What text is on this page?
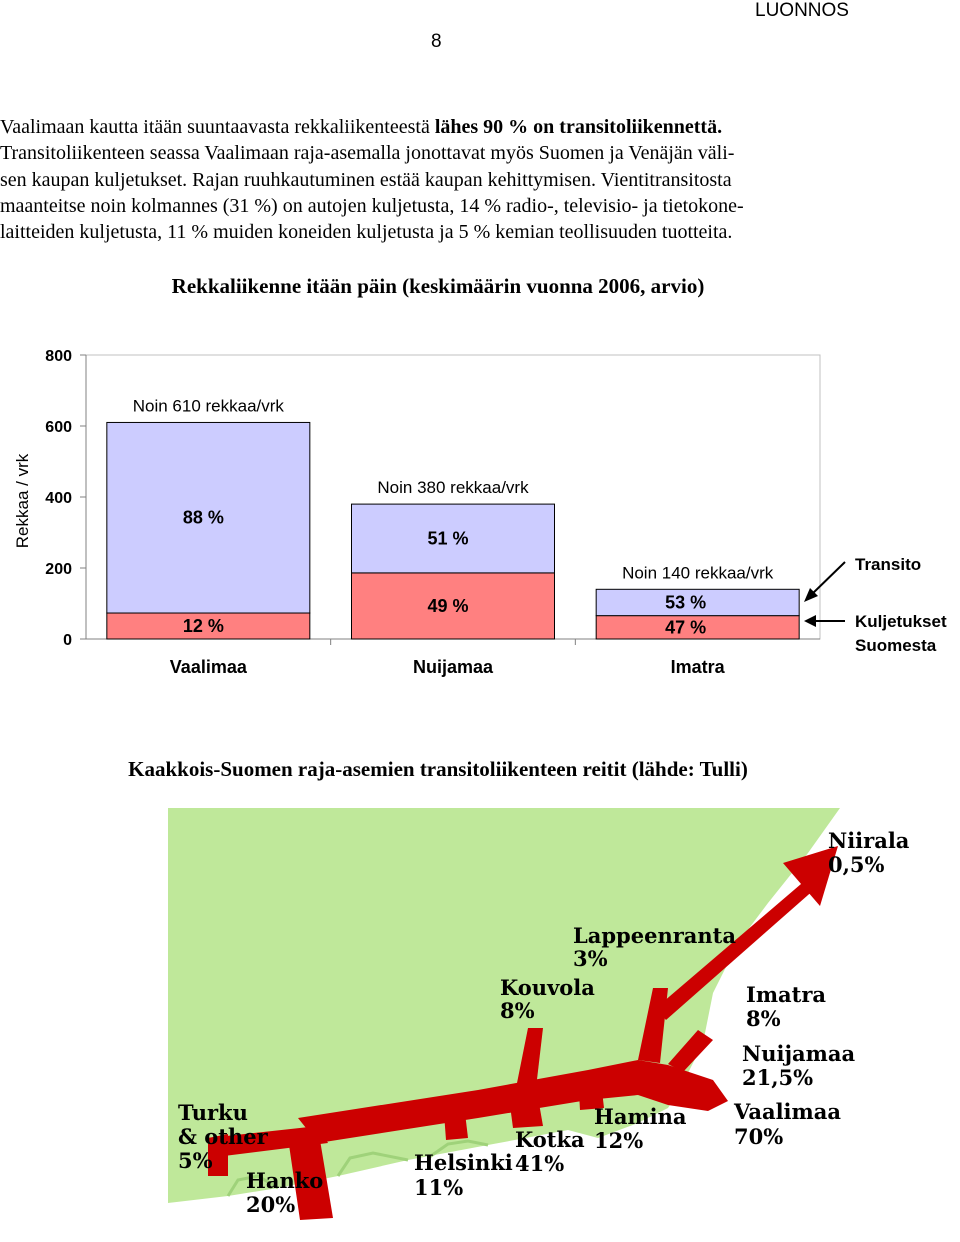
LUONNOS
8

Vaalimaan kautta itään suuntaavasta rekkaliikenteestä lähes 90 % on transitoliikennettä.

Transitoliikenteen seassa Vaalimaan raja-asemalla jonottavat myös Suomen ja Venäjän väli-

sen kaupan kuljetukset. Rajan ruuhkautuminen estää kaupan kehittymisen. Vientitransitosta

maanteitse noin kolmannes (31 %) on autojen kuljetusta, 14 % radio-, televisio- ja tietokone-

laitteiden kuljetusta, 11 % muiden koneiden kuljetusta ja 5 % kemian teollisuuden tuotteita.

Rekkaliikenne itään päin (keskimäärin vuonna 2006, arvio)
0
200
400
600
800
Rekkaa / vrk
Noin 610 rekkaa/vrk
88 %
12 %
Vaalimaa
Noin 380 rekkaa/vrk
51 %
49 %
Nuijamaa
Noin 140 rekkaa/vrk
53 %
47 %
Imatra
Transito
Kuljetukset
Suomesta
Kaakkois-Suomen raja-asemien transitoliikenteen reitit (lähde: Tulli)
Niirala
0,5%
Lappeenranta
3%
Kouvola
8%
Imatra
8%
Nuijamaa
21,5%
Turku
& other
5%
Hamina
12%
Vaalimaa
70%
Kotka
41%
Helsinki
11%
Hanko
20%
